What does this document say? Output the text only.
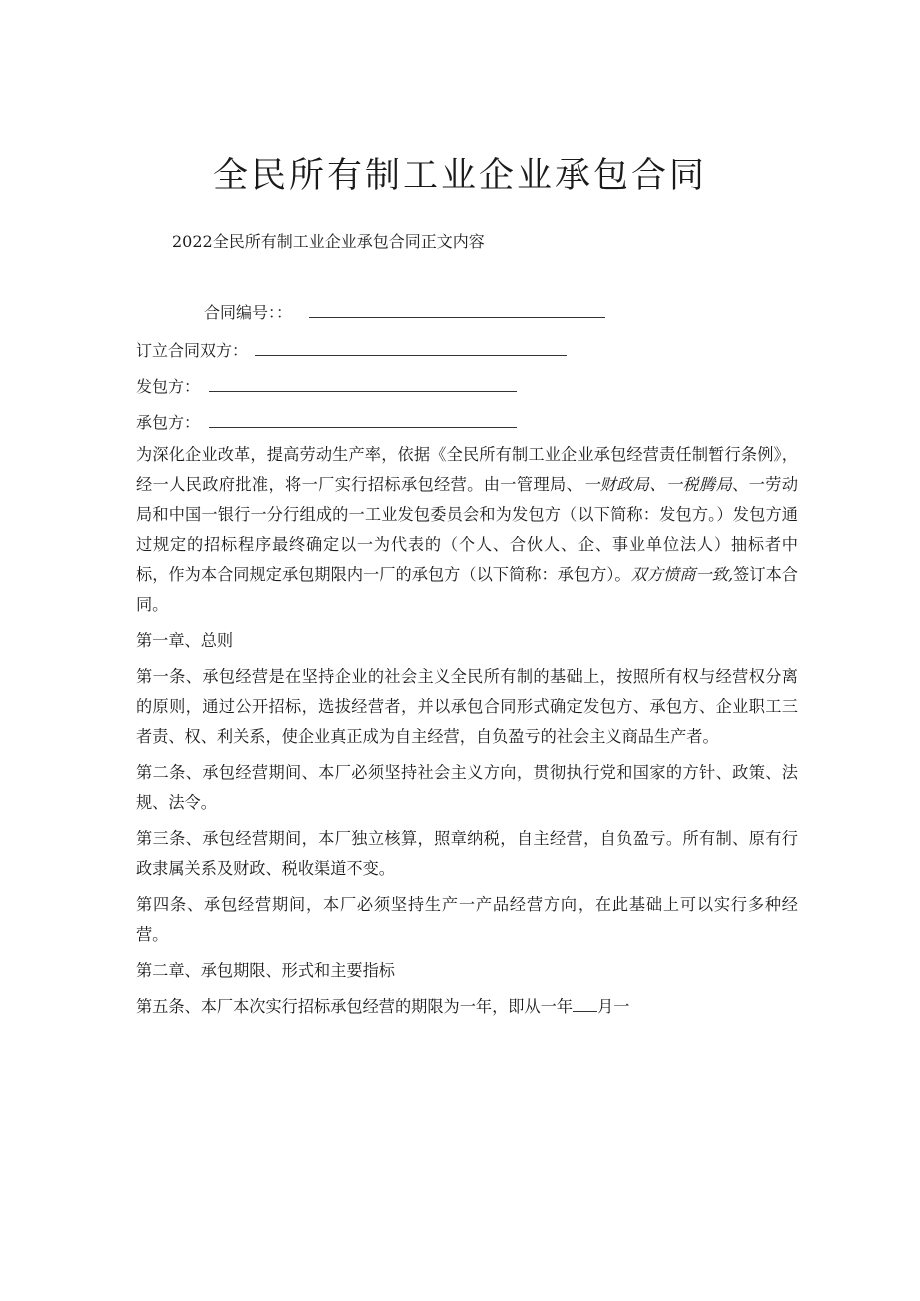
全民所有制工业企业承包合同

2022全民所有制工业企业承包合同正文内容

合同编号：：

订立合同双方：

发包方：

承包方：

为深化企业改革，提高劳动生产率，依据《全民所有制工业企业承包经营责任制暂行条例》，经一人民政府批准，将一厂实行招标承包经营。由一管理局、一财政局、一税腾局、一劳动局和中国一银行一分行组成的一工业发包委员会和为发包方（以下简称：发包方。）发包方通过规定的招标程序最终确定以一为代表的（个人、合伙人、企、事业单位法人）抽标者中标，作为本合同规定承包期限内一厂的承包方（以下简称：承包方）。双方愤商一致,签订本合同。

第一章、总则

第一条、承包经营是在坚持企业的社会主义全民所有制的基础上，按照所有权与经营权分离的原则，通过公开招标，选拔经营者，并以承包合同形式确定发包方、承包方、企业职工三者责、权、利关系，使企业真正成为自主经营，自负盈亏的社会主义商品生产者。

第二条、承包经营期间、本厂必须坚持社会主义方向，贯彻执行党和国家的方针、政策、法规、法令。

第三条、承包经营期间，本厂独立核算，照章纳税，自主经营，自负盈亏。所有制、原有行政隶属关系及财政、税收渠道不变。

第四条、承包经营期间，本厂必须坚持生产一产品经营方向，在此基础上可以实行多种经营。

第二章、承包期限、形式和主要指标

第五条、本厂本次实行招标承包经营的期限为一年，即从一年 月一
